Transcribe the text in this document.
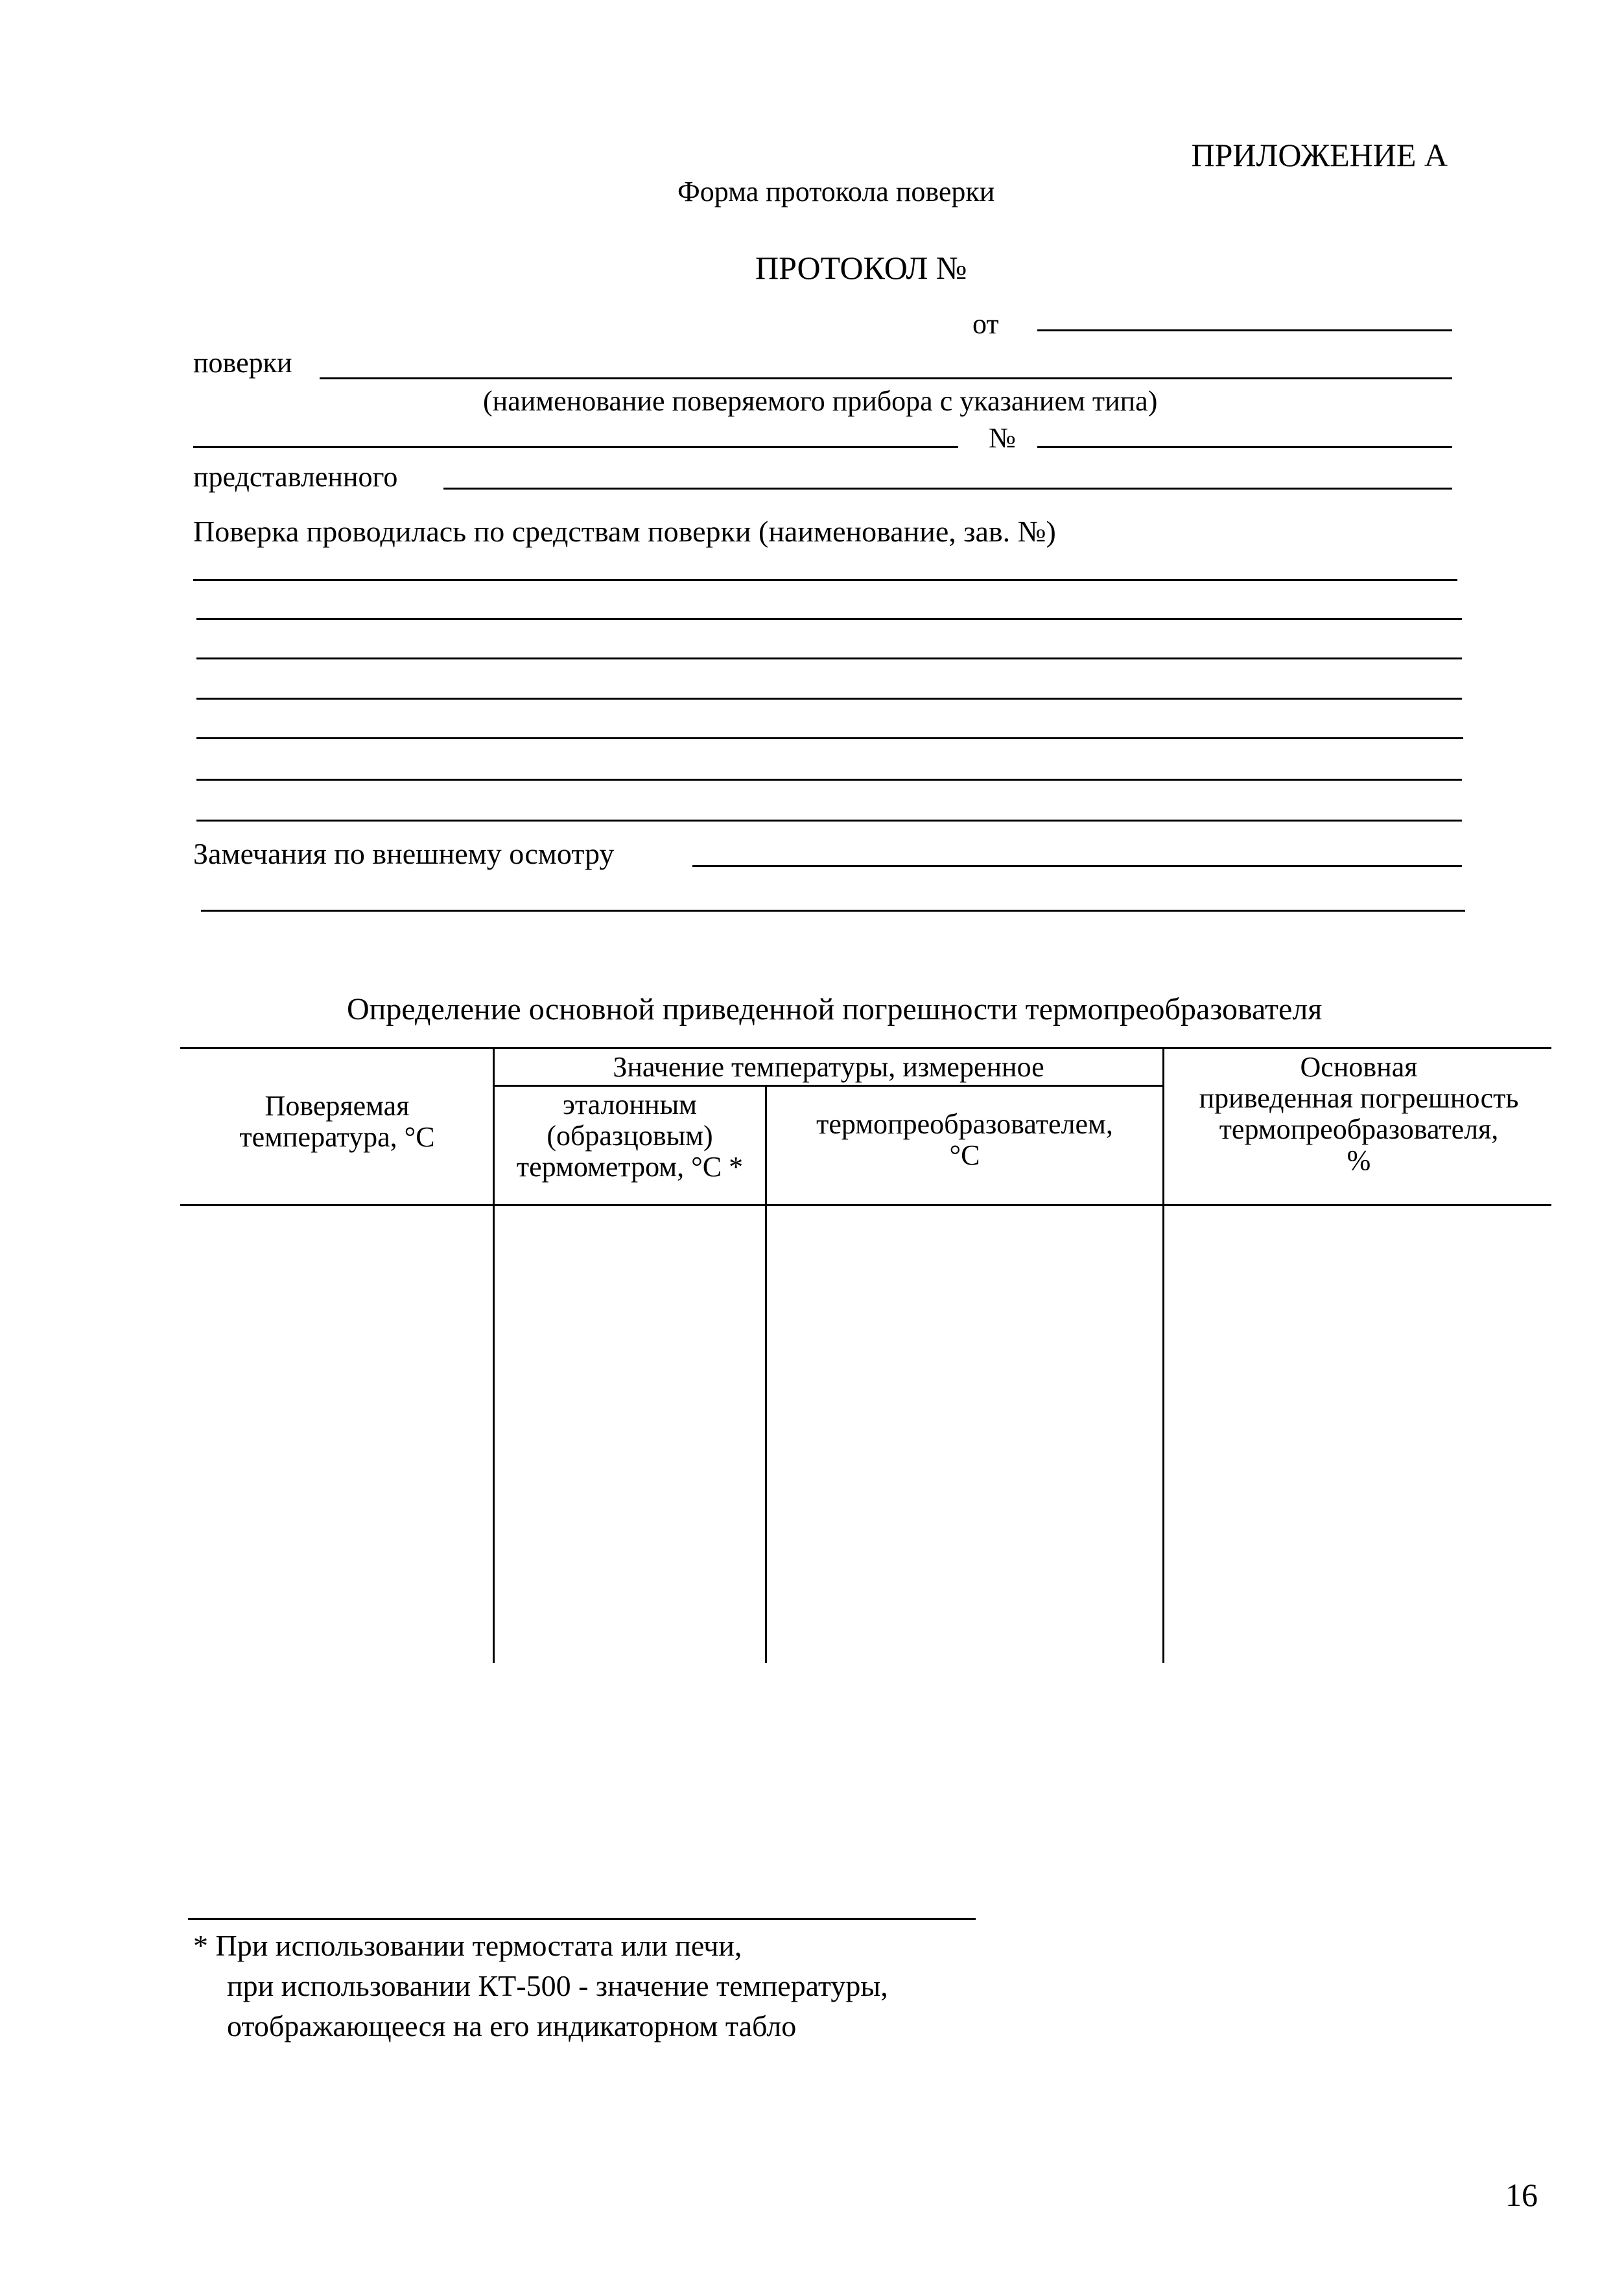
ПРИЛОЖЕНИЕ А
Форма протокола поверки
ПРОТОКОЛ №
от
поверки
(наименование поверяемого прибора с указанием типа)
№
представленного
Поверка проводилась по средствам поверки (наименование, зав. №)
Замечания по внешнему осмотру
Определение основной приведенной погрешности термопреобразователя
Поверяемая
температура, °C
Значение температуры, измеренное
эталонным
(образцовым)
термометром, °C *
термопреобразователем,
°C
Основная
приведенная погрешность
термопреобразователя,
%
* При использовании термостата или печи,
при использовании КТ-500 - значение температуры,
отображающееся на его индикаторном табло
16
